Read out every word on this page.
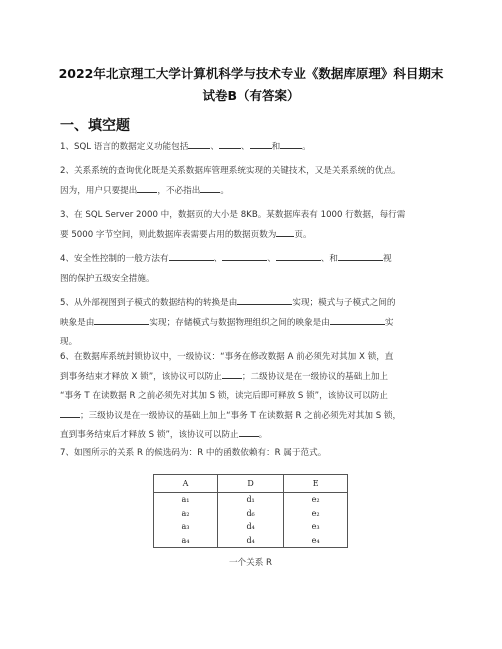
2022年北京理工大学计算机科学与技术专业《数据库原理》科目期末
试卷B（有答案）
一、填空题
1、SQL 语言的数据定义功能包括	、	、	和	。
2、关系系统的查询优化既是关系数据库管理系统实现的关键技术，又是关系系统的优点。
因为，用户只要提出 ，不必指出 。
3、在 SQL Server 2000 中，数据页的大小是 8KB。某数据库表有 1000 行数据，每行需
要 5000 字节空间，则此数据库表需要占用的数据页数为 页。
4、安全性控制的一般方法有	、	、	、和	视
图的保护五级安全措施。
5、从外部视图到子模式的数据结构的转换是由	实现；模式与子模式之间的
映象是由	实现；存储模式与数据物理组织之间的映象是由	实
现。
6、在数据库系统封锁协议中，一级协议：“事务在修改数据 A 前必须先对其加 X 锁，直
到事务结束才释放 X 锁”，该协议可以防止 ；二级协议是在一级协议的基础上加上
“事务 T 在读数据 R 之前必须先对其加 S 锁，读完后即可释放 S 锁”，该协议可以防止
；三级协议是在一级协议的基础上加上“事务 T 在读数据 R 之前必须先对其加 S 锁，
直到事务结束后才释放 S 锁”，该协议可以防止 。
7、如图所示的关系 R 的候选码为：R 中的函数依赖有：R 属于范式。
A	D	E
a₁	d₁	e₂
a₂	d₆	e₂
a₃	d₄	e₃
a₄	d₄	e₄
一个关系 R
